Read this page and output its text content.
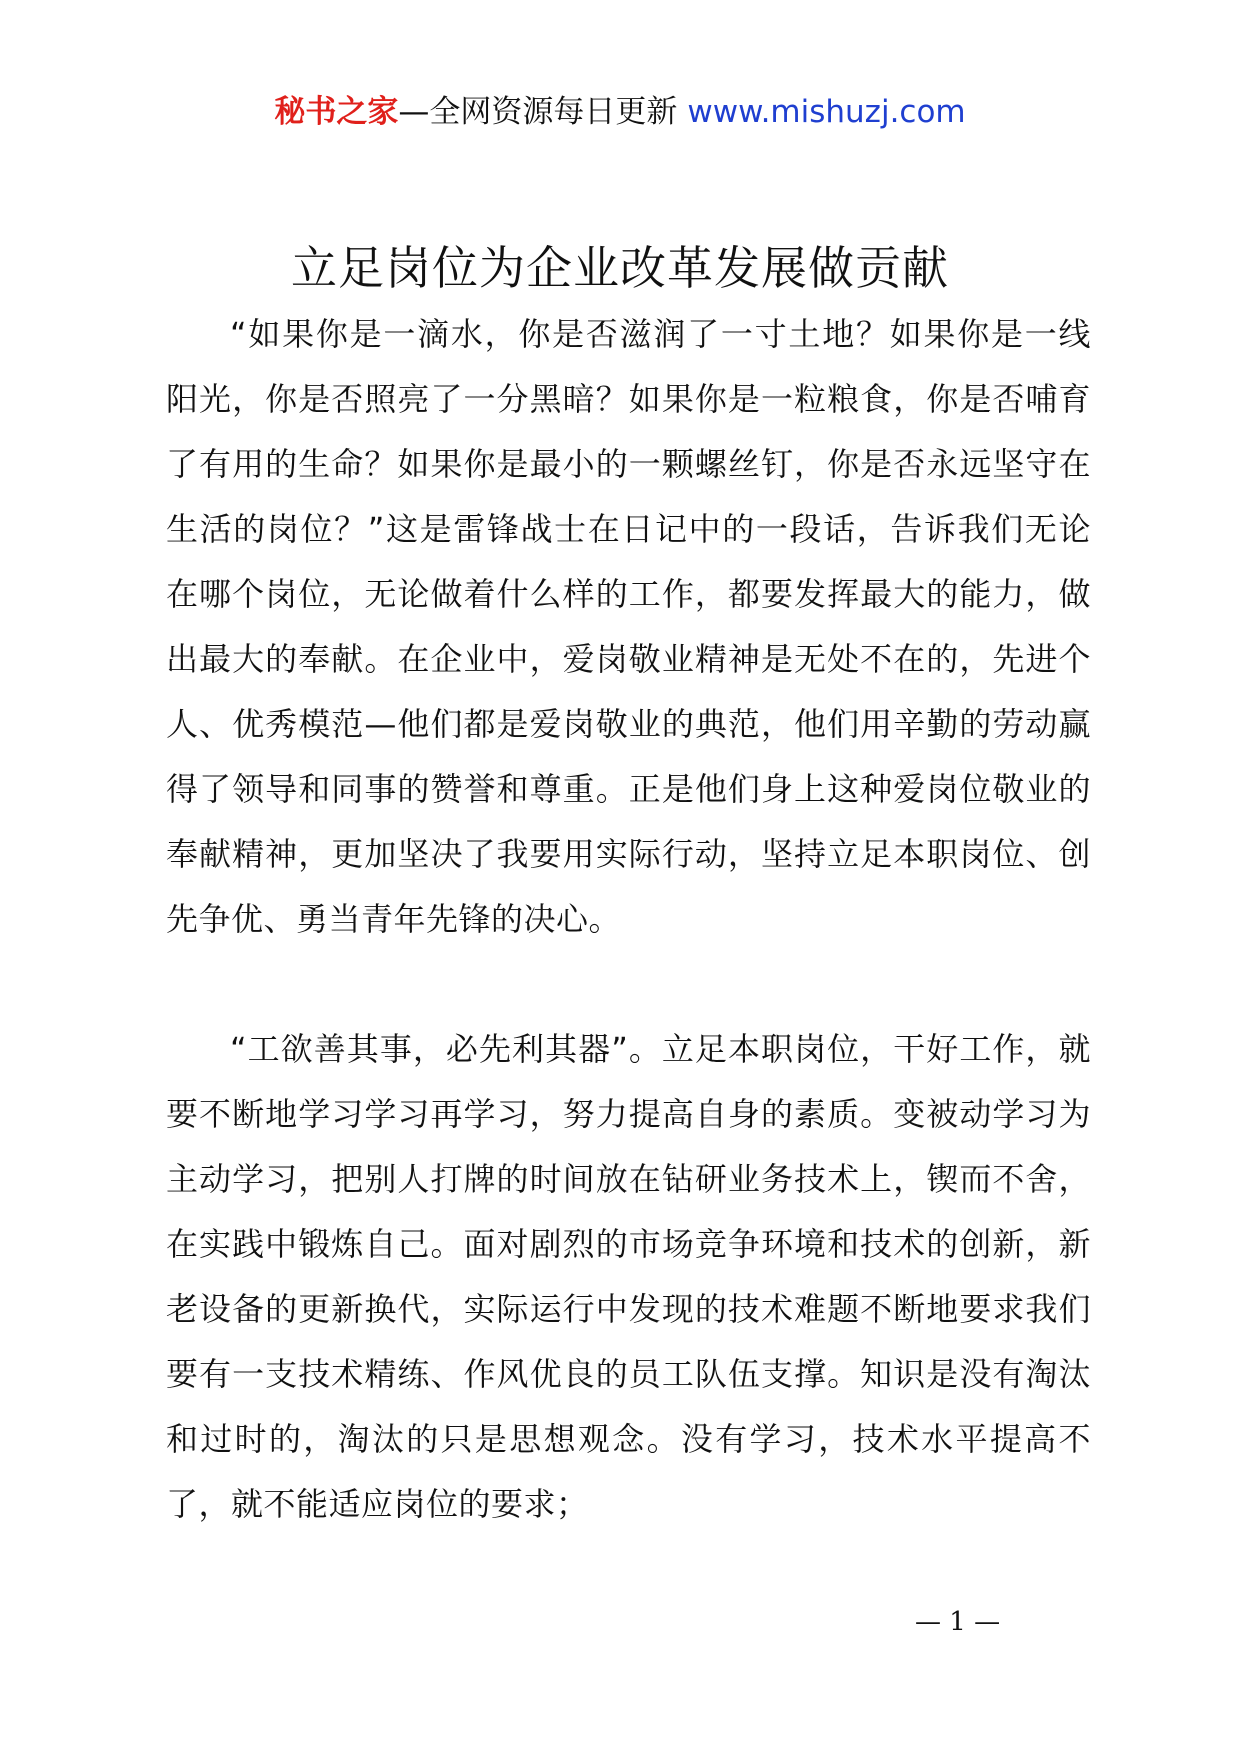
秘书之家—全网资源每日更新 www.mishuzj.com
立足岗位为企业改革发展做贡献

“如果你是一滴水，你是否滋润了一寸土地？如果你是一线阳光，你是否照亮了一分黑暗？如果你是一粒粮食，你是否哺育了有用的生命？如果你是最小的一颗螺丝钉，你是否永远坚守在生活的岗位？”这是雷锋战士在日记中的一段话，告诉我们无论在哪个岗位，无论做着什么样的工作，都要发挥最大的能力，做出最大的奉献。在企业中，爱岗敬业精神是无处不在的，先进个人、优秀模范—他们都是爱岗敬业的典范，他们用辛勤的劳动赢得了领导和同事的赞誉和尊重。正是他们身上这种爱岗位敬业的奉献精神，更加坚决了我要用实际行动，坚持立足本职岗位、创先争优、勇当青年先锋的决心。

“工欲善其事，必先利其器”。立足本职岗位，干好工作，就要不断地学习学习再学习，努力提高自身的素质。变被动学习为主动学习，把别人打牌的时间放在钻研业务技术上，锲而不舍，在实践中锻炼自己。面对剧烈的市场竞争环境和技术的创新，新老设备的更新换代，实际运行中发现的技术难题不断地要求我们要有一支技术精练、作风优良的员工队伍支撑。知识是没有淘汰和过时的，淘汰的只是思想观念。没有学习，技术水平提高不了，就不能适应岗位的要求；

— 1 —
